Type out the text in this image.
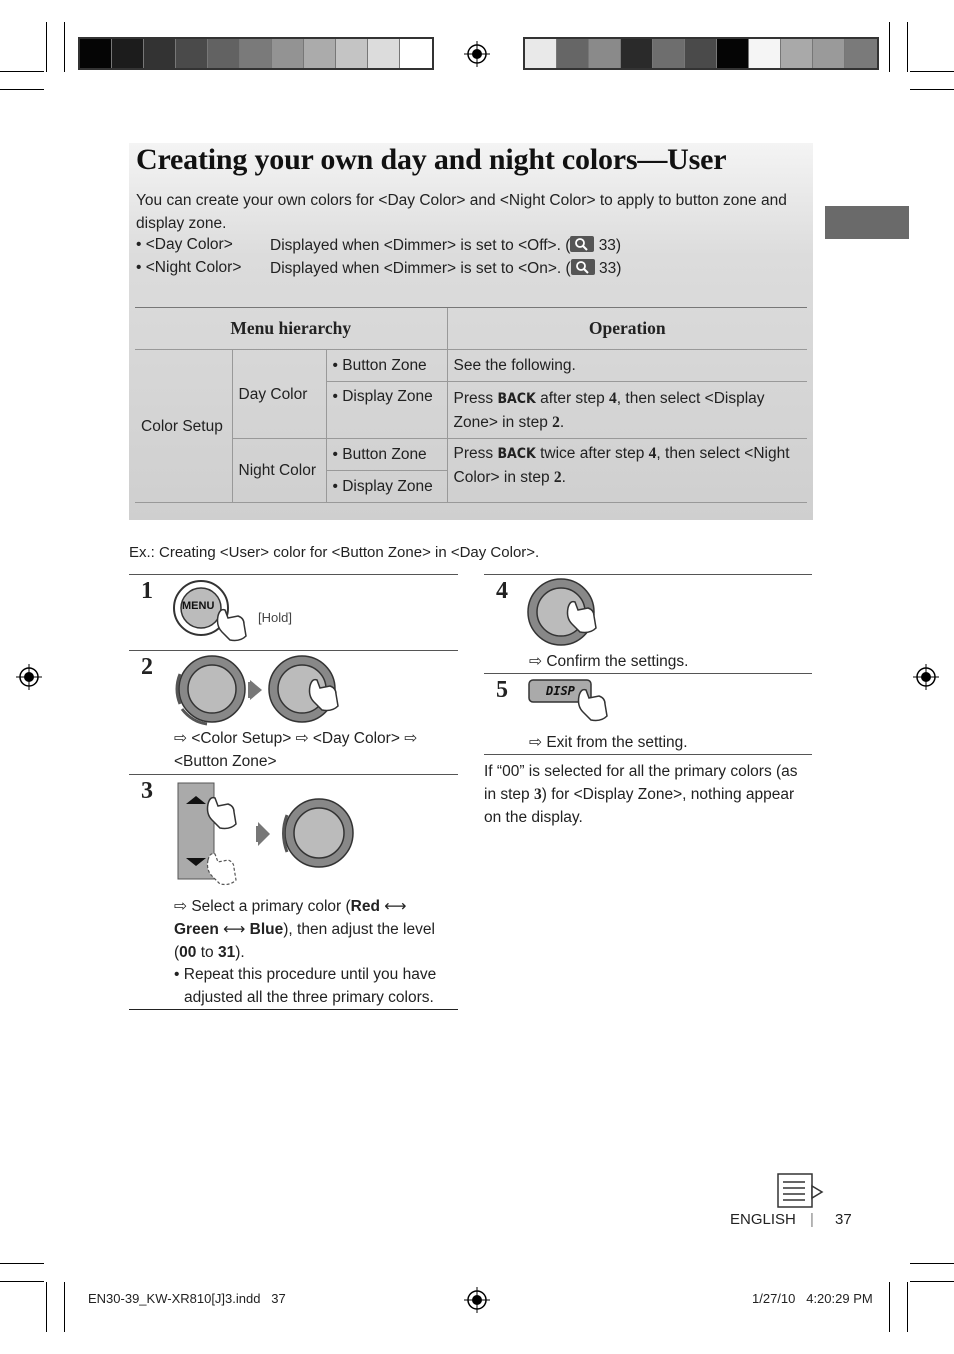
Creating your own day and night colors—User
You can create your own colors for <Day Color> and <Night Color> to apply to button zone and display zone.
• <Day Color> Displayed when <Dimmer> is set to <Off>. ( 33)
• <Night Color> Displayed when <Dimmer> is set to <On>. ( 33)
Menu hierarchy			Operation
Color Setup	Day Color	• Button Zone	See the following.
		• Display Zone	Press BACK after step 4, then select <Display Zone> in step 2.
	Night Color	• Button Zone	Press BACK twice after step 4, then select <Night Color> in step 2.
		• Display Zone	
Ex.: Creating <User> color for <Button Zone> in <Day Color>.
1
MENU
[Hold]
2
⇨ <Color Setup> ⇨ <Day Color> ⇨ <Button Zone>
3
⇨ Select a primary color (Red ⟷ Green ⟷ Blue), then adjust the level (00 to 31).
• Repeat this procedure until you have adjusted all the three primary colors.
4
⇨ Confirm the settings.
5	DISP
⇨ Exit from the setting.
If “00” is selected for all the primary colors (as in step 3) for <Display Zone>, nothing appear on the display.
ENGLISH | 37
EN30-39_KW-XR810[J]3.indd   37	1/27/10   4:20:29 PM
